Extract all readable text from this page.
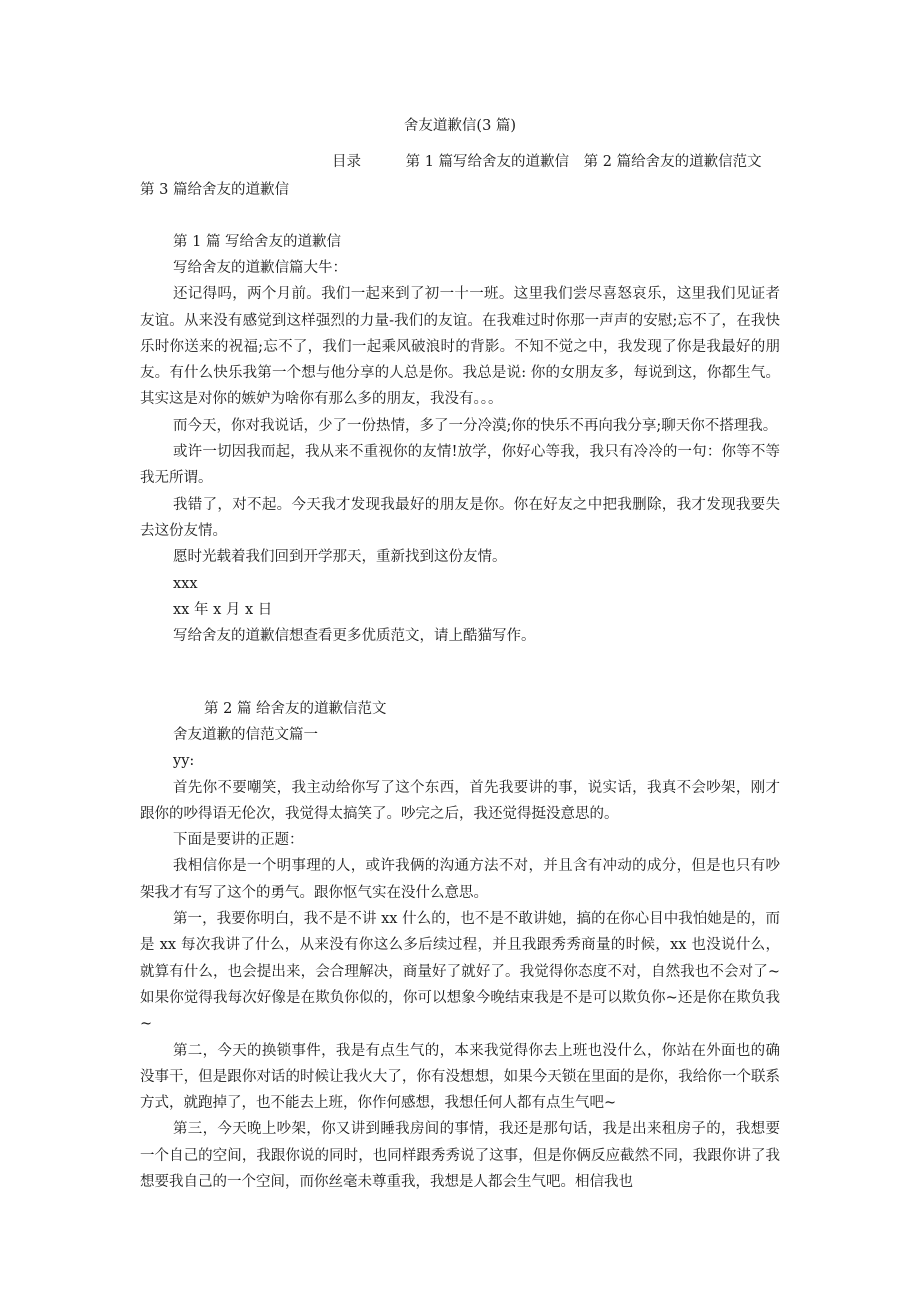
舍友道歉信(3 篇)
目录	第 1 篇写给舍友的道歉信 第 2 篇给舍友的道歉信范文
第 3 篇给舍友的道歉信
第 1 篇 写给舍友的道歉信

写给舍友的道歉信篇大牛：

还记得吗，两个月前。我们一起来到了初一十一班。这里我们尝尽喜怒哀乐，这里我们见证者友谊。从来没有感觉到这样强烈的力量-我们的友谊。在我难过时你那一声声的安慰;忘不了，在我快乐时你送来的祝福;忘不了，我们一起乘风破浪时的背影。不知不觉之中，我发现了你是我最好的朋友。有什么快乐我第一个想与他分享的人总是你。我总是说: 你的女朋友多，每说到这，你都生气。其实这是对你的嫉妒为啥你有那么多的朋友，我没有。。。

而今天，你对我说话，少了一份热情，多了一分冷漠;你的快乐不再向我分享;聊天你不搭理我。

或许一切因我而起，我从来不重视你的友情!放学，你好心等我，我只有冷冷的一句：你等不等我无所谓。

我错了，对不起。今天我才发现我最好的朋友是你。你在好友之中把我删除，我才发现我要失去这份友情。

愿时光载着我们回到开学那天，重新找到这份友情。

xxx

xx 年 x 月 x 日

写给舍友的道歉信想查看更多优质范文，请上酷猫写作。

第 2 篇 给舍友的道歉信范文

舍友道歉的信范文篇一

yy:

首先你不要嘲笑，我主动给你写了这个东西，首先我要讲的事，说实话，我真不会吵架，刚才跟你的吵得语无伦次，我觉得太搞笑了。吵完之后，我还觉得挺没意思的。

下面是要讲的正题：

我相信你是一个明事理的人，或许我俩的沟通方法不对，并且含有冲动的成分，但是也只有吵架我才有写了这个的勇气。跟你怄气实在没什么意思。

第一，我要你明白，我不是不讲 xx 什么的，也不是不敢讲她，搞的在你心目中我怕她是的，而是 xx 每次我讲了什么，从来没有你这么多后续过程，并且我跟秀秀商量的时候，xx 也没说什么，就算有什么，也会提出来，会合理解决，商量好了就好了。我觉得你态度不对，自然我也不会对了~如果你觉得我每次好像是在欺负你似的，你可以想象今晚结束我是不是可以欺负你~还是你在欺负我~

第二，今天的换锁事件，我是有点生气的，本来我觉得你去上班也没什么，你站在外面也的确没事干，但是跟你对话的时候让我火大了，你有没想想，如果今天锁在里面的是你，我给你一个联系方式，就跑掉了，也不能去上班，你作何感想，我想任何人都有点生气吧~

第三，今天晚上吵架，你又讲到睡我房间的事情，我还是那句话，我是出来租房子的，我想要一个自己的空间，我跟你说的同时，也同样跟秀秀说了这事，但是你俩反应截然不同，我跟你讲了我想要我自己的一个空间，而你丝毫未尊重我，我想是人都会生气吧。相信我也
